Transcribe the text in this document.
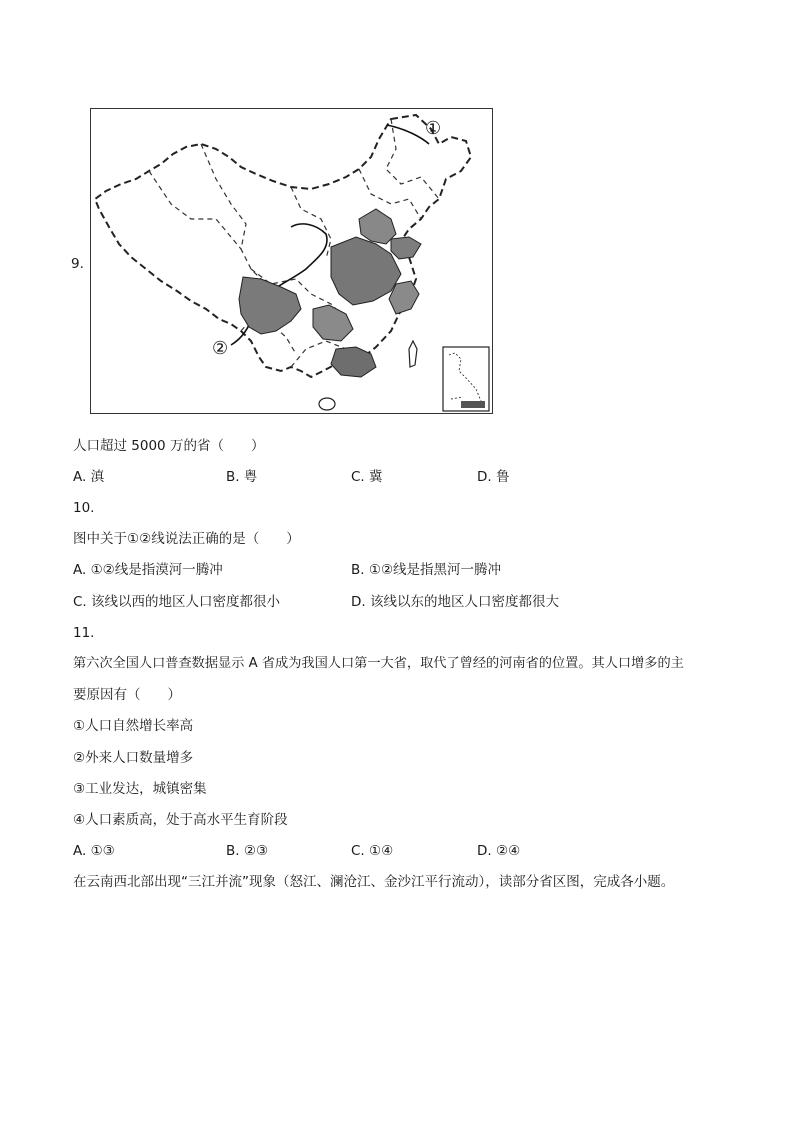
9.
①
②
人口超过 5000 万的省（　　）
A. 滇	B. 粤	C. 冀	D. 鲁
10.
图中关于①②线说法正确的是（　　）
A. ①②线是指漠河一腾冲	B. ①②线是指黑河一腾冲
C. 该线以西的地区人口密度都很小	D. 该线以东的地区人口密度都很大
11.
第六次全国人口普查数据显示 A 省成为我国人口第一大省，取代了曾经的河南省的位置。其人口增多的主
要原因有（　　）
①人口自然增长率高
②外来人口数量增多
③工业发达，城镇密集
④人口素质高，处于高水平生育阶段
A. ①③	B. ②③	C. ①④	D. ②④
在云南西北部出现“三江并流”现象（怒江、澜沧江、金沙江平行流动），读部分省区图，完成各小题。
